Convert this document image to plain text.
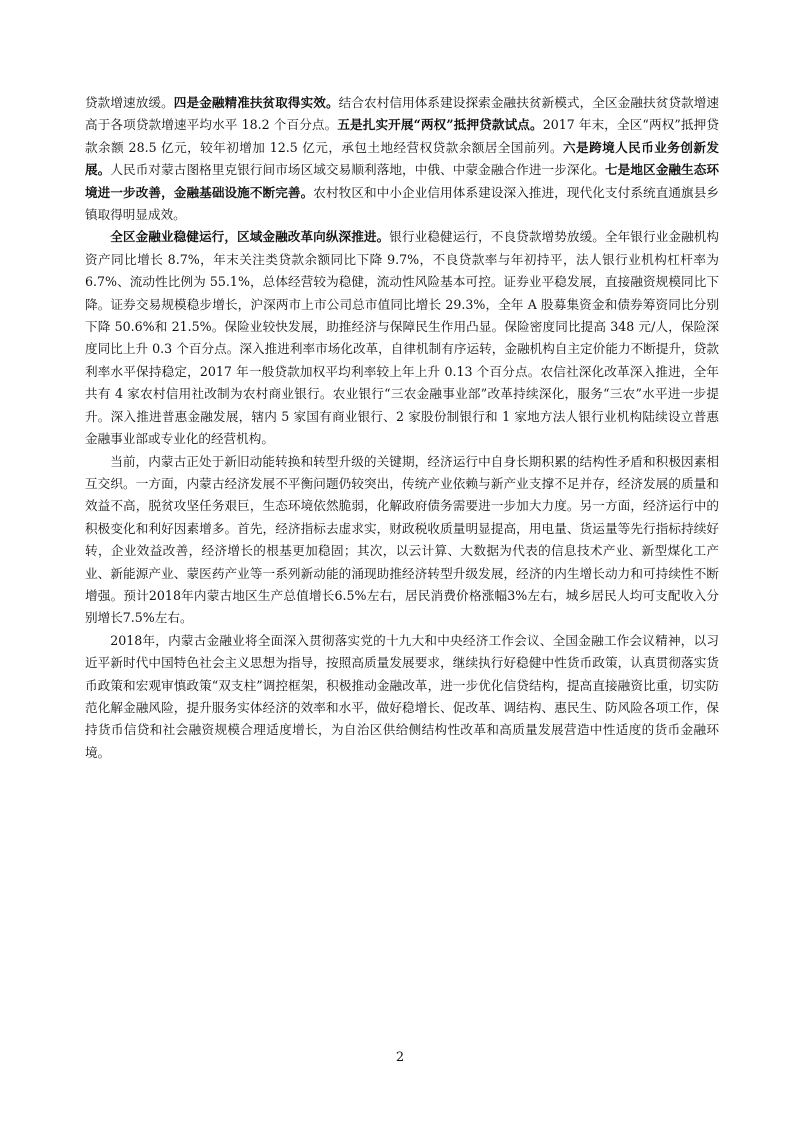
贷款增速放缓。四是金融精准扶贫取得实效。结合农村信用体系建设探索金融扶贫新模式，全区金融扶贫贷款增速高于各项贷款增速平均水平 18.2 个百分点。五是扎实开展“两权”抵押贷款试点。2017 年末，全区“两权”抵押贷款余额 28.5 亿元，较年初增加 12.5 亿元，承包土地经营权贷款余额居全国前列。六是跨境人民币业务创新发展。人民币对蒙古图格里克银行间市场区域交易顺利落地，中俄、中蒙金融合作进一步深化。七是地区金融生态环境进一步改善，金融基础设施不断完善。农村牧区和中小企业信用体系建设深入推进，现代化支付系统直通旗县乡镇取得明显成效。

全区金融业稳健运行，区域金融改革向纵深推进。银行业稳健运行，不良贷款增势放缓。全年银行业金融机构资产同比增长 8.7%，年末关注类贷款余额同比下降 9.7%，不良贷款率与年初持平，法人银行业机构杠杆率为 6.7%、流动性比例为 55.1%，总体经营较为稳健，流动性风险基本可控。证券业平稳发展，直接融资规模同比下降。证券交易规模稳步增长，沪深两市上市公司总市值同比增长 29.3%，全年 A 股募集资金和债券筹资同比分别下降 50.6%和 21.5%。保险业较快发展，助推经济与保障民生作用凸显。保险密度同比提高 348 元/人，保险深度同比上升 0.3 个百分点。深入推进利率市场化改革，自律机制有序运转，金融机构自主定价能力不断提升，贷款利率水平保持稳定，2017 年一般贷款加权平均利率较上年上升 0.13 个百分点。农信社深化改革深入推进，全年共有 4 家农村信用社改制为农村商业银行。农业银行“三农金融事业部”改革持续深化，服务“三农”水平进一步提升。深入推进普惠金融发展，辖内 5 家国有商业银行、2 家股份制银行和 1 家地方法人银行业机构陆续设立普惠金融事业部或专业化的经营机构。

当前，内蒙古正处于新旧动能转换和转型升级的关键期，经济运行中自身长期积累的结构性矛盾和积极因素相互交织。一方面，内蒙古经济发展不平衡问题仍较突出，传统产业依赖与新产业支撑不足并存，经济发展的质量和效益不高，脱贫攻坚任务艰巨，生态环境依然脆弱，化解政府债务需要进一步加大力度。另一方面，经济运行中的积极变化和利好因素增多。首先，经济指标去虚求实，财政税收质量明显提高，用电量、货运量等先行指标持续好转，企业效益改善，经济增长的根基更加稳固；其次，以云计算、大数据为代表的信息技术产业、新型煤化工产业、新能源产业、蒙医药产业等一系列新动能的涌现助推经济转型升级发展，经济的内生增长动力和可持续性不断增强。预计2018年内蒙古地区生产总值增长6.5%左右，居民消费价格涨幅3%左右，城乡居民人均可支配收入分别增长7.5%左右。

2018年，内蒙古金融业将全面深入贯彻落实党的十九大和中央经济工作会议、全国金融工作会议精神，以习近平新时代中国特色社会主义思想为指导，按照高质量发展要求，继续执行好稳健中性货币政策，认真贯彻落实货币政策和宏观审慎政策“双支柱”调控框架，积极推动金融改革，进一步优化信贷结构，提高直接融资比重，切实防范化解金融风险，提升服务实体经济的效率和水平，做好稳增长、促改革、调结构、惠民生、防风险各项工作，保持货币信贷和社会融资规模合理适度增长，为自治区供给侧结构性改革和高质量发展营造中性适度的货币金融环境。

2
